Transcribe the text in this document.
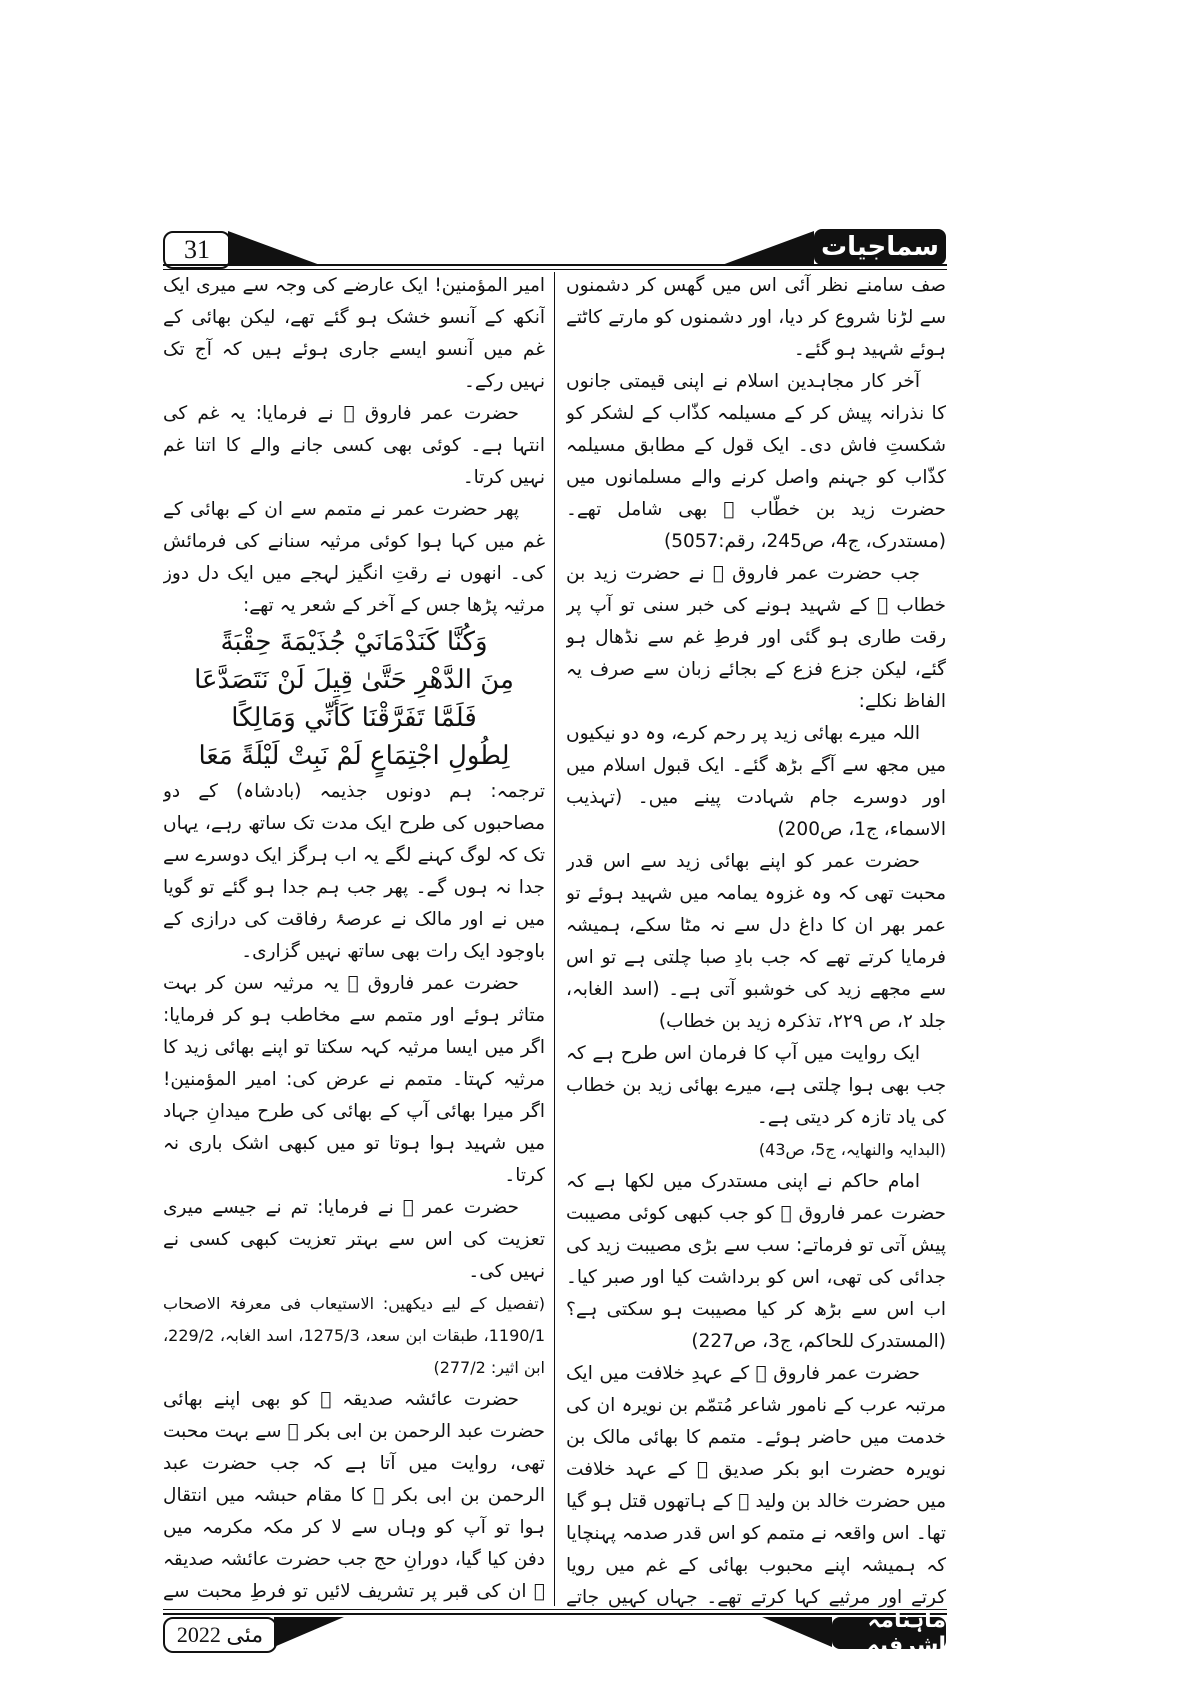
31	سماجیات

صف سامنے نظر آئی اس میں گھس کر دشمنوں سے لڑنا شروع کر دیا، اور دشمنوں کو مارتے کاٹتے ہوئے شہید ہو گئے۔

آخر کار مجاہدین اسلام نے اپنی قیمتی جانوں کا نذرانہ پیش کر کے مسیلمہ کذّاب کے لشکر کو شکستِ فاش دی۔ ایک قول کے مطابق مسیلمہ کذّاب کو جہنم واصل کرنے والے مسلمانوں میں حضرت زید بن خطّاب ﷛ بھی شامل تھے۔ (مستدرک، ج4، ص245، رقم:5057)

جب حضرت عمر فاروق ﷛ نے حضرت زید بن خطاب ﷛ کے شہید ہونے کی خبر سنی تو آپ پر رقت طاری ہو گئی اور فرطِ غم سے نڈھال ہو گئے، لیکن جزع فزع کے بجائے زبان سے صرف یہ الفاظ نکلے:

اللہ میرے بھائی زید پر رحم کرے، وہ دو نیکیوں میں مجھ سے آگے بڑھ گئے۔ ایک قبول اسلام میں اور دوسرے جام شہادت پینے میں۔ (تہذیب الاسماء، ج1، ص200)

حضرت عمر کو اپنے بھائی زید سے اس قدر محبت تھی کہ وہ غزوہ یمامہ میں شہید ہوئے تو عمر بھر ان کا داغ دل سے نہ مٹا سکے، ہمیشہ فرمایا کرتے تھے کہ جب بادِ صبا چلتی ہے تو اس سے مجھے زید کی خوشبو آتی ہے۔ (اسد الغابہ، جلد ۲، ص ۲۲۹، تذکرہ زید بن خطاب)

ایک روایت میں آپ کا فرمان اس طرح ہے کہ جب بھی ہوا چلتی ہے، میرے بھائی زید بن خطاب کی یاد تازہ کر دیتی ہے۔

(البدایہ والنھایہ، ج5، ص43)

امام حاکم نے اپنی مستدرک میں لکھا ہے کہ حضرت عمر فاروق ﷛ کو جب کبھی کوئی مصیبت پیش آتی تو فرماتے: سب سے بڑی مصیبت زید کی جدائی کی تھی، اس کو برداشت کیا اور صبر کیا۔ اب اس سے بڑھ کر کیا مصیبت ہو سکتی ہے؟ (المستدرک للحاکم، ج3، ص227)

حضرت عمر فاروق ﷛ کے عہدِ خلافت میں ایک مرتبہ عرب کے نامور شاعر مُتمّم بن نویرہ ان کی خدمت میں حاضر ہوئے۔ متمم کا بھائی مالک بن نویرہ حضرت ابو بکر صدیق ﷛ کے عہد خلافت میں حضرت خالد بن ولید ﷛ کے ہاتھوں قتل ہو گیا تھا۔ اس واقعہ نے متمم کو اس قدر صدمہ پہنچایا کہ ہمیشہ اپنے محبوب بھائی کے غم میں رویا کرتے اور مرثیے کہا کرتے تھے۔ جہاں کہیں جاتے

امیر المؤمنین! ایک عارضے کی وجہ سے میری ایک آنکھ کے آنسو خشک ہو گئے تھے، لیکن بھائی کے غم میں آنسو ایسے جاری ہوئے ہیں کہ آج تک نہیں رکے۔

حضرت عمر فاروق ﷛ نے فرمایا: یہ غم کی انتہا ہے۔ کوئی بھی کسی جانے والے کا اتنا غم نہیں کرتا۔

پھر حضرت عمر نے متمم سے ان کے بھائی کے غم میں کہا ہوا کوئی مرثیہ سنانے کی فرمائش کی۔ انھوں نے رقتِ انگیز لہجے میں ایک دل دوز مرثیہ پڑھا جس کے آخر کے شعر یہ تھے:

وَكُنَّا كَنَدْمَانَيْ جُذَيْمَةَ حِقْبَةً
مِنَ الدَّهْرِ حَتَّىٰ قِيلَ لَنْ نَتَصَدَّعَا
فَلَمَّا تَفَرَّقْنَا كَأَنِّي وَمَالِكًا
لِطُولِ اجْتِمَاعٍ لَمْ نَبِتْ لَيْلَةً مَعَا

ترجمہ: ہم دونوں جذیمہ (بادشاہ) کے دو مصاحبوں کی طرح ایک مدت تک ساتھ رہے، یہاں تک کہ لوگ کہنے لگے یہ اب ہرگز ایک دوسرے سے جدا نہ ہوں گے۔ پھر جب ہم جدا ہو گئے تو گویا میں نے اور مالک نے عرصۂ رفاقت کی درازی کے باوجود ایک رات بھی ساتھ نہیں گزاری۔

حضرت عمر فاروق ﷛ یہ مرثیہ سن کر بہت متاثر ہوئے اور متمم سے مخاطب ہو کر فرمایا: اگر میں ایسا مرثیہ کہہ سکتا تو اپنے بھائی زید کا مرثیہ کہتا۔ متمم نے عرض کی: امیر المؤمنین! اگر میرا بھائی آپ کے بھائی کی طرح میدانِ جہاد میں شہید ہوا ہوتا تو میں کبھی اشک باری نہ کرتا۔

حضرت عمر ﷛ نے فرمایا: تم نے جیسے میری تعزیت کی اس سے بہتر تعزیت کبھی کسی نے نہیں کی۔

(تفصیل کے لیے دیکھیں: الاستیعاب فی معرفۃ الاصحاب 1190/1، طبقات ابن سعد، 1275/3، اسد الغابہ، 229/2، ابن اثیر: 277/2)

حضرت عائشہ صدیقہ ﷛ کو بھی اپنے بھائی حضرت عبد الرحمن بن ابی بکر ﷛ سے بہت محبت تھی، روایت میں آتا ہے کہ جب حضرت عبد الرحمن بن ابی بکر ﷛ کا مقام حبشہ میں انتقال ہوا تو آپ کو وہاں سے لا کر مکہ مکرمہ میں دفن کیا گیا، دورانِ حج جب حضرت عائشہ صدیقہ ﷛ ان کی قبر پر تشریف لائیں تو فرطِ محبت سے

مئی 2022
ماہنامہ اشرفیہ
